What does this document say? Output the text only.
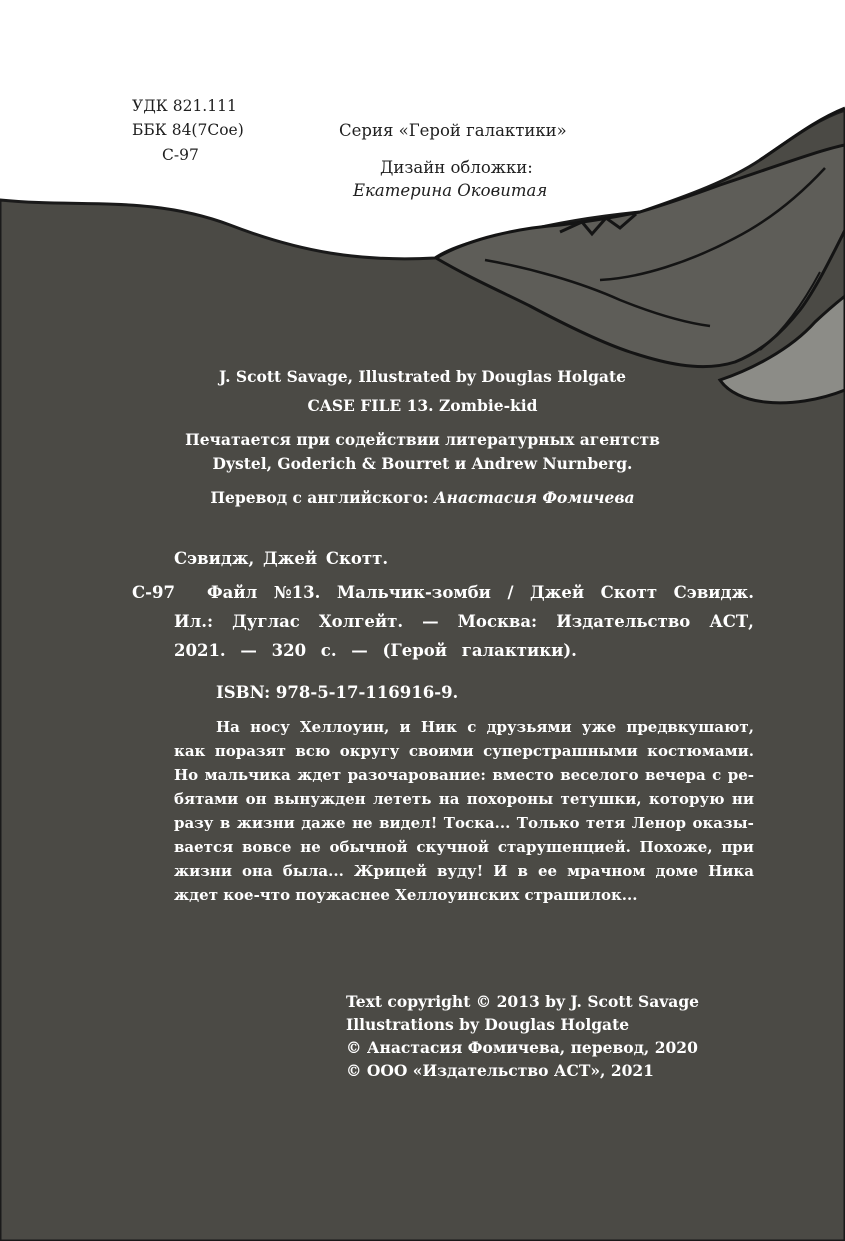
УДК 821.111

ББК 84(7Сое)

С-97

Серия «Герой галактики»

Дизайн обложки:

Екатерина Оковитая

J. Scott Savage, Illustrated by Douglas Holgate

CASE FILE 13. Zombie-kid

Печатается при содействии литературных агентств

Dystel, Goderich & Bourret и Andrew Nurnberg.

Перевод с английского: Анастасия Фомичева

Сэвидж, Джей Скотт.

С-97 Файл №13. Мальчик-зомби / Джей Скотт Сэвидж.
Ил.: Дуглас Холгейт. — Москва: Издательство АСТ,
2021. — 320 с. — (Герой галактики).

ISBN: 978-5-17-116916-9.

На носу Хеллоуин, и Ник с друзьями уже предвкушают,
как поразят всю округу своими суперстрашными костюмами.
Но мальчика ждет разочарование: вместо веселого вечера с ре-
бятами он вынужден лететь на похороны тетушки, которую ни
разу в жизни даже не видел! Тоска... Только тетя Ленор оказы-
вается вовсе не обычной скучной старушенцией. Похоже, при
жизни она была... Жрицей вуду! И в ее мрачном доме Ника

ждет кое-что поужаснее Хеллоуинских страшилок...

Text copyright © 2013 by J. Scott Savage

Illustrations by Douglas Holgate

© Анастасия Фомичева, перевод, 2020

© ООО «Издательство АСТ», 2021
